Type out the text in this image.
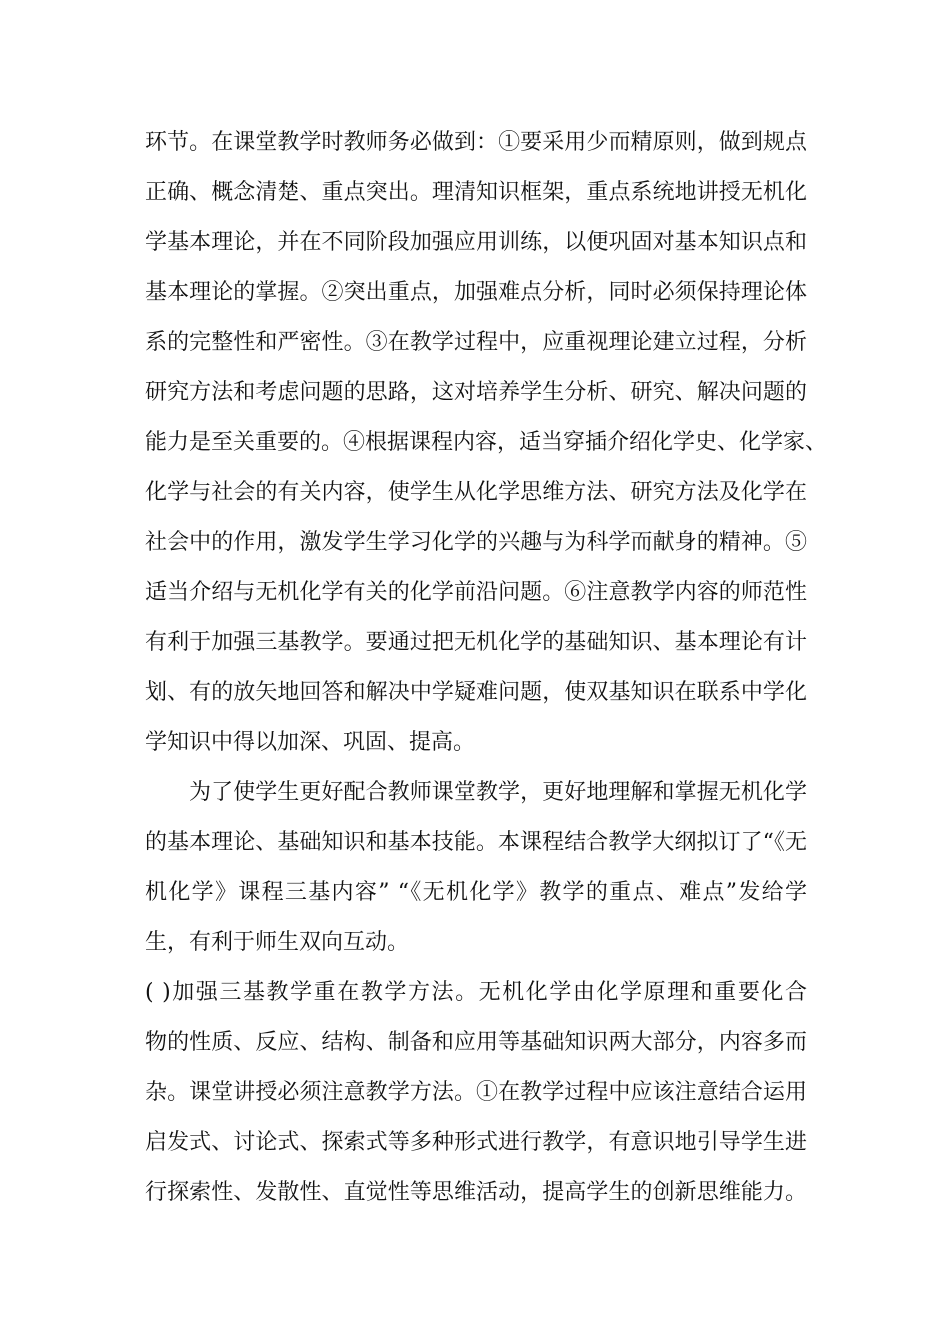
环节。在课堂教学时教师务必做到：①要采用少而精原则，做到规点
正确、概念清楚、重点突出。理清知识框架，重点系统地讲授无机化
学基本理论，并在不同阶段加强应用训练，以便巩固对基本知识点和
基本理论的掌握。②突出重点，加强难点分析，同时必须保持理论体
系的完整性和严密性。③在教学过程中，应重视理论建立过程，分析
研究方法和考虑问题的思路，这对培养学生分析、研究、解决问题的
能力是至关重要的。④根据课程内容，适当穿插介绍化学史、化学家、
化学与社会的有关内容，使学生从化学思维方法、研究方法及化学在
社会中的作用，激发学生学习化学的兴趣与为科学而献身的精神。⑤
适当介绍与无机化学有关的化学前沿问题。⑥注意教学内容的师范性
有利于加强三基教学。要通过把无机化学的基础知识、基本理论有计
划、有的放矢地回答和解决中学疑难问题，使双基知识在联系中学化
学知识中得以加深、巩固、提高。
为了使学生更好配合教师课堂教学，更好地理解和掌握无机化学
的基本理论、基础知识和基本技能。本课程结合教学大纲拟订了“《无
机化学》课程三基内容” “《无机化学》教学的重点、难点”发给学
生，有利于师生双向互动。
( )加强三基教学重在教学方法。无机化学由化学原理和重要化合
物的性质、反应、结构、制备和应用等基础知识两大部分，内容多而
杂。课堂讲授必须注意教学方法。①在教学过程中应该注意结合运用
启发式、讨论式、探索式等多种形式进行教学，有意识地引导学生进
行探索性、发散性、直觉性等思维活动，提高学生的创新思维能力。
